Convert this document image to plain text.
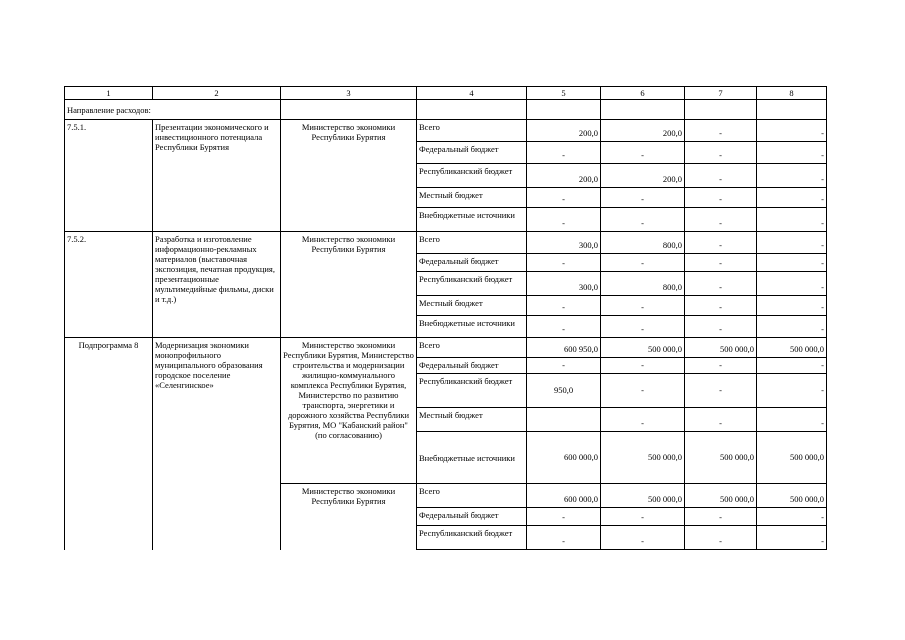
1	2	3	4	5	6	7	8
Направление расходов:							
7.5.1.	Презентации экономического и инвестиционного потенциала Республики Бурятия	Министерство экономики Республики Бурятия	Всего	200,0	200,0	-	-
			Федеральный бюджет	-	-	-	-
			Республиканский бюджет	200,0	200,0	-	-
			Местный бюджет	-	-	-	-
			Внебюджетные источники	-	-	-	-
7.5.2.	Разработка и изготовление информационно-рекламных материалов (выставочная экспозиция, печатная продукция, презентационные мультимедийные фильмы, диски и т.д.)	Министерство экономики Республики Бурятия	Всего	300,0	800,0	-	-
			Федеральный бюджет	-	-	-	-
			Республиканский бюджет	300,0	800,0	-	-
			Местный бюджет	-	-	-	-
			Внебюджетные источники	-	-	-	-
Подпрограмма 8	Модернизация экономики монопрофильного муниципального образования городское поселение «Селенгинское»	Министерство экономики Республики Бурятия, Министерство строительства и модернизации жилищно-коммунального комплекса Республики Бурятия, Министерство по развитию транспорта, энергетики и дорожного хозяйства Республики Бурятия, МО "Кабанский район" (по согласованию)	Всего	600 950,0	500 000,0	500 000,0	500 000,0
			Федеральный бюджет	-	-	-	-
			Республиканский бюджет	950,0	-	-	-
			Местный бюджет		-	-	-
			Внебюджетные источники	600 000,0	500 000,0	500 000,0	500 000,0
		Министерство экономики Республики Бурятия	Всего	600 000,0	500 000,0	500 000,0	500 000,0
			Федеральный бюджет	-	-	-	-
			Республиканский бюджет	-	-	-	-
